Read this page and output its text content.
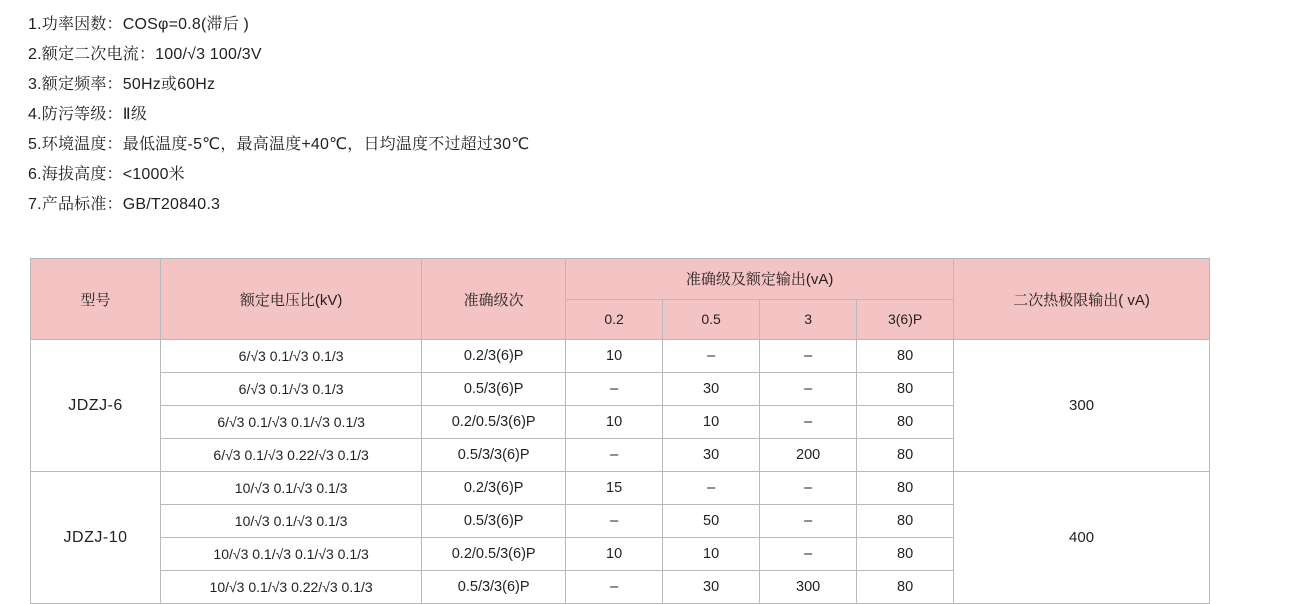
1.功率因数：COSφ=0.8(滞后 )
2.额定二次电流：100/√3 100/3V
3.额定频率：50Hz或60Hz
4.防污等级：Ⅱ级
5.环境温度：最低温度-5℃，最高温度+40℃，日均温度不过超过30℃
6.海拔高度：<1000米
7.产品标准：GB/T20840.3
型号	额定电压比(kV)	准确级次	准确级及额定输出(vA)				二次热极限输出( vA)
			0.2	0.5	3	3(6)P	
JDZJ-6	6/√3 0.1/√3 0.1/3	0.2/3(6)P	10	–	–	80	300
	6/√3 0.1/√3 0.1/3	0.5/3(6)P	–	30	–	80	
	6/√3 0.1/√3 0.1/√3 0.1/3	0.2/0.5/3(6)P	10	10	–	80	
	6/√3 0.1/√3 0.22/√3 0.1/3	0.5/3/3(6)P	–	30	200	80	
JDZJ-10	10/√3 0.1/√3 0.1/3	0.2/3(6)P	15	–	–	80	400
	10/√3 0.1/√3 0.1/3	0.5/3(6)P	–	50	–	80	
	10/√3 0.1/√3 0.1/√3 0.1/3	0.2/0.5/3(6)P	10	10	–	80	
	10/√3 0.1/√3 0.22/√3 0.1/3	0.5/3/3(6)P	–	30	300	80	
